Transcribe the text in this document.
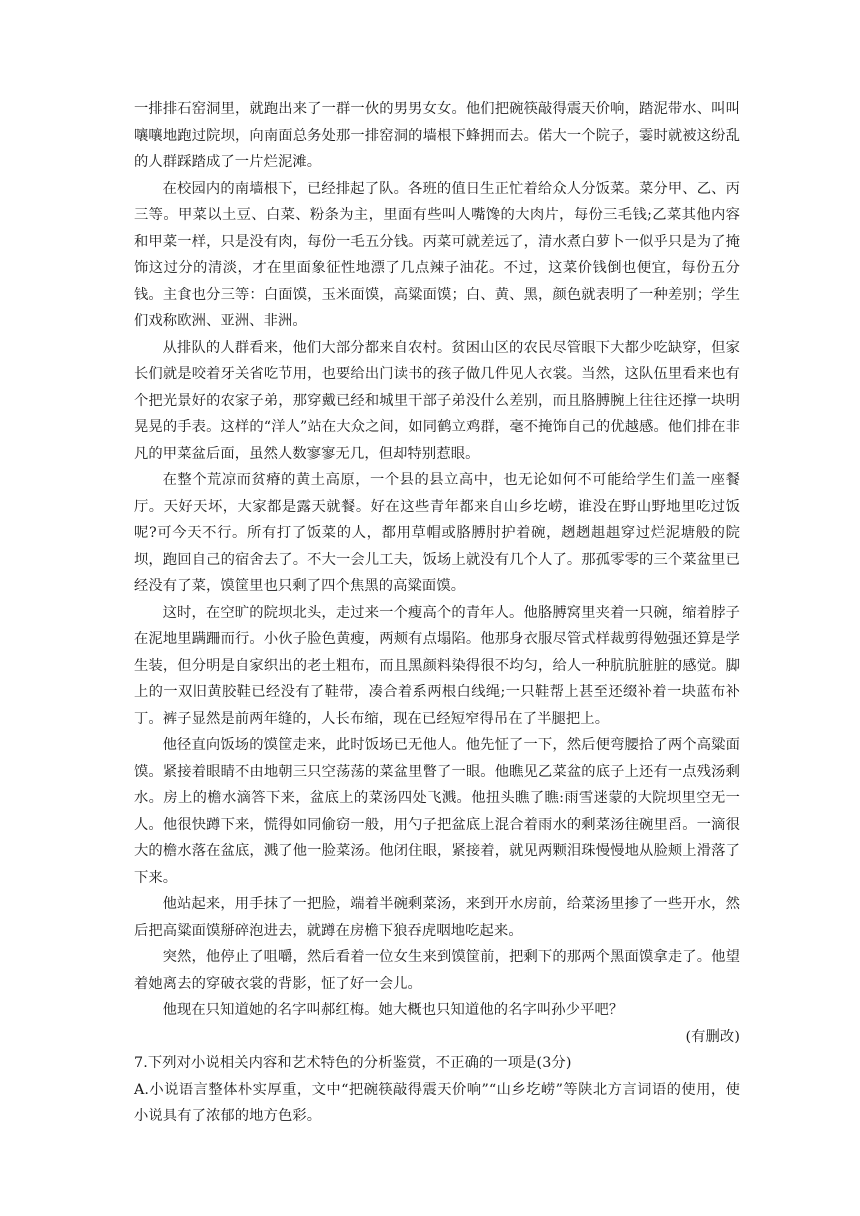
一排排石窑洞里，就跑出来了一群一伙的男男女女。他们把碗筷敲得震天价响，踏泥带水、叫叫嚷嚷地跑过院坝，向南面总务处那一排窑洞的墙根下蜂拥而去。偌大一个院子，霎时就被这纷乱的人群踩踏成了一片烂泥滩。

在校园内的南墙根下，已经排起了队。各班的值日生正忙着给众人分饭菜。菜分甲、乙、丙三等。甲菜以土豆、白菜、粉条为主，里面有些叫人嘴馋的大肉片，每份三毛钱;乙菜其他内容和甲菜一样，只是没有肉，每份一毛五分钱。丙菜可就差远了，清水煮白萝卜一似乎只是为了掩饰这过分的清淡，才在里面象征性地漂了几点辣子油花。不过，这菜价钱倒也便宜，每份五分钱。主食也分三等：白面馍，玉米面馍，高粱面馍；白、黄、黑，颜色就表明了一种差别；学生们戏称欧洲、亚洲、非洲。

从排队的人群看来，他们大部分都来自农村。贫困山区的农民尽管眼下大都少吃缺穿，但家长们就是咬着牙关省吃节用，也要给出门读书的孩子做几件见人衣裳。当然，这队伍里看来也有个把光景好的农家子弟，那穿戴已经和城里干部子弟没什么差别，而且胳膊腕上往往还撑一块明晃晃的手表。这样的“洋人”站在大众之间，如同鹤立鸡群，毫不掩饰自己的优越感。他们排在非凡的甲菜盆后面，虽然人数寥寥无几，但却特别惹眼。

在整个荒凉而贫瘠的黄土高原，一个县的县立高中，也无论如何不可能给学生们盖一座餐厅。天好天坏，大家都是露天就餐。好在这些青年都来自山乡圪崂，谁没在野山野地里吃过饭呢?可今天不行。所有打了饭菜的人，都用草帽或胳膊肘护着碗，趔趔趄趄穿过烂泥塘般的院坝，跑回自己的宿舍去了。不大一会儿工夫，饭场上就没有几个人了。那孤零零的三个菜盆里已经没有了菜，馍筐里也只剩了四个焦黑的高粱面馍。

这时，在空旷的院坝北头，走过来一个瘦高个的青年人。他胳膊窝里夹着一只碗，缩着脖子在泥地里蹒跚而行。小伙子脸色黄瘦，两颊有点塌陷。他那身衣服尽管式样裁剪得勉强还算是学生装，但分明是自家织出的老土粗布，而且黑颜料染得很不均匀，给人一种肮肮脏脏的感觉。脚上的一双旧黄胶鞋已经没有了鞋带，凑合着系两根白线绳;一只鞋帮上甚至还缀补着一块蓝布补丁。裤子显然是前两年缝的，人长布缩，现在已经短窄得吊在了半腿把上。

他径直向饭场的馍筐走来，此时饭场已无他人。他先怔了一下，然后便弯腰拾了两个高粱面馍。紧接着眼睛不由地朝三只空荡荡的菜盆里瞥了一眼。他瞧见乙菜盆的底子上还有一点残汤剩水。房上的檐水滴答下来，盆底上的菜汤四处飞溅。他扭头瞧了瞧:雨雪迷蒙的大院坝里空无一人。他很快蹲下来，慌得如同偷窃一般，用勺子把盆底上混合着雨水的剩菜汤往碗里舀。一滴很大的檐水落在盆底，溅了他一脸菜汤。他闭住眼，紧接着，就见两颗泪珠慢慢地从脸颊上滑落了下来。

他站起来，用手抹了一把脸，端着半碗剩菜汤，来到开水房前，给菜汤里掺了一些开水，然后把高粱面馍掰碎泡进去，就蹲在房檐下狼吞虎咽地吃起来。

突然，他停止了咀嚼，然后看着一位女生来到馍筐前，把剩下的那两个黑面馍拿走了。他望着她离去的穿破衣裳的背影，怔了好一会儿。

他现在只知道她的名字叫郝红梅。她大概也只知道他的名字叫孙少平吧？

(有删改)

7.下列对小说相关内容和艺术特色的分析鉴赏，不正确的一项是(3分)

A.小说语言整体朴实厚重，文中“把碗筷敲得震天价响”“山乡圪崂”等陕北方言词语的使用，使小说具有了浓郁的地方色彩。
